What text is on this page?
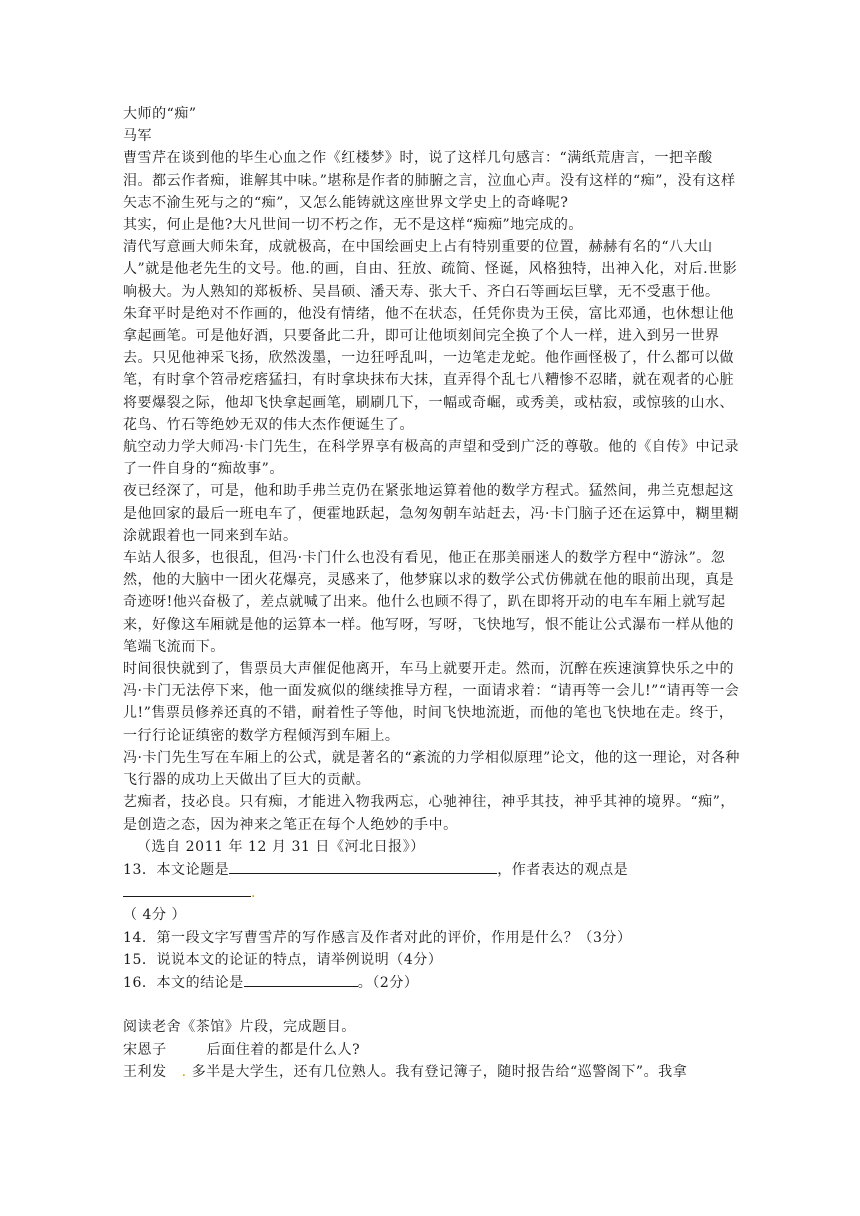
大师的“痴”

马军

曹雪芹在谈到他的毕生心血之作《红楼梦》时，说了这样几句感言：“满纸荒唐言，一把辛酸泪。都云作者痴，谁解其中味。”堪称是作者的肺腑之言，泣血心声。没有这样的“痴”，没有这样矢志不渝生死与之的“痴”，又怎么能铸就这座世界文学史上的奇峰呢?

其实，何止是他?大凡世间一切不朽之作，无不是这样“痴痴”地完成的。

清代写意画大师朱耷，成就极高，在中国绘画史上占有特别重要的位置，赫赫有名的“八大山人”就是他老先生的文号。他.的画，自由、狂放、疏简、怪诞，风格独特，出神入化，对后.世影响极大。为人熟知的郑板桥、吴昌硕、潘天寿、张大千、齐白石等画坛巨擘，无不受惠于他。

朱耷平时是绝对不作画的，他没有情绪，他不在状态，任凭你贵为王侯，富比邓通，也休想让他拿起画笔。可是他好酒，只要备此二升，即可让他顷刻间完全换了个人一样，进入到另一世界去。只见他神采飞扬，欣然泼墨，一边狂呼乱叫，一边笔走龙蛇。他作画怪极了，什么都可以做笔，有时拿个笤帚疙瘩猛扫，有时拿块抹布大抹，直弄得个乱七八糟惨不忍睹，就在观者的心脏将要爆裂之际，他却飞快拿起画笔，刷刷几下，一幅或奇崛，或秀美，或枯寂，或惊骇的山水、花鸟、竹石等绝妙无双的伟大杰作便诞生了。

航空动力学大师冯·卡门先生，在科学界享有极高的声望和受到广泛的尊敬。他的《自传》中记录了一件自身的“痴故事”。

夜已经深了，可是，他和助手弗兰克仍在紧张地运算着他的数学方程式。猛然间，弗兰克想起这是他回家的最后一班电车了，便霍地跃起，急匆匆朝车站赶去，冯·卡门脑子还在运算中，糊里糊涂就跟着也一同来到车站。

车站人很多，也很乱，但冯·卡门什么也没有看见，他正在那美丽迷人的数学方程中“游泳”。忽然，他的大脑中一团火花爆亮，灵感来了，他梦寐以求的数学公式仿佛就在他的眼前出现，真是奇迹呀!他兴奋极了，差点就喊了出来。他什么也顾不得了，趴在即将开动的电车车厢上就写起来，好像这车厢就是他的运算本一样。他写呀，写呀，飞快地写，恨不能让公式瀑布一样从他的笔端飞流而下。

时间很快就到了，售票员大声催促他离开，车马上就要开走。然而，沉醉在疾速演算快乐之中的冯·卡门无法停下来，他一面发疯似的继续推导方程，一面请求着：“请再等一会儿!”“请再等一会儿!”售票员修养还真的不错，耐着性子等他，时间飞快地流逝，而他的笔也飞快地在走。终于，一行行论证缜密的数学方程倾泻到车厢上。

冯·卡门先生写在车厢上的公式，就是著名的“紊流的力学相似原理”论文，他的这一理论，对各种飞行器的成功上天做出了巨大的贡献。

艺痴者，技必良。只有痴，才能进入物我两忘，心驰神往，神乎其技，神乎其神的境界。“痴”，是创造之态，因为神来之笔正在每个人绝妙的手中。

（选自 2011 年 12 月 31 日《河北日报》）

13．本文论题是	，作者表达的观点是.

（ 4分 ）

14．第一段文字写曹雪芹的写作感言及作者对此的评价，作用是什么？（3分）

15．说说本文的论证的特点，请举例说明（4分）

16．本文的结论是	。（2分）

阅读老舍《茶馆》片段，完成题目。

宋恩子	后面住着的都是什么人?

王利发 . 多半是大学生，还有几位熟人。我有登记簿子，随时报告给“巡警阁下”。我拿
